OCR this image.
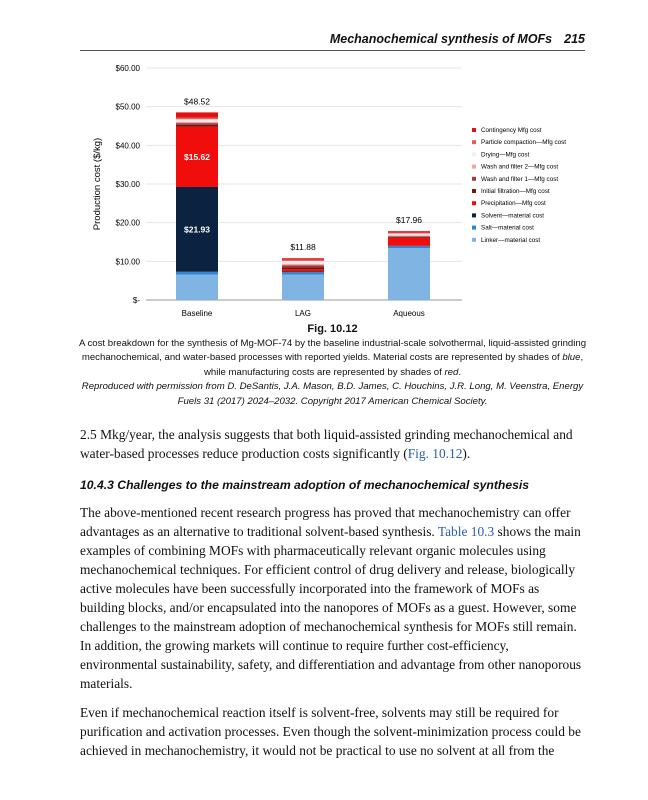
Mechanochemical synthesis of MOFs 215
$-
$10.00
$20.00
$30.00
$40.00
$50.00
$60.00
Production cost ($/kg)
$48.52
Baseline
$21.93
$15.62
$11.88
LAG
$17.96
Aqueous
Contingency Mfg cost
Particle compaction—Mfg cost
Drying—Mfg cost
Wash and filter 2—Mfg cost
Wash and filter 1—Mfg cost
Initial filtration—Mfg cost
Precipitation—Mfg cost
Solvent—material cost
Salt—material cost
Linker—material cost
Fig. 10.12
A cost breakdown for the synthesis of Mg-MOF-74 by the baseline industrial-scale solvothermal, liquid-assisted grinding mechanochemical, and water-based processes with reported yields. Material costs are represented by shades of blue, while manufacturing costs are represented by shades of red.
Reproduced with permission from D. DeSantis, J.A. Mason, B.D. James, C. Houchins, J.R. Long, M. Veenstra, Energy Fuels 31 (2017) 2024–2032. Copyright 2017 American Chemical Society.

2.5 Mkg/year, the analysis suggests that both liquid-assisted grinding mechanochemical and water-based processes reduce production costs significantly (Fig. 10.12).

10.4.3 Challenges to the mainstream adoption of mechanochemical synthesis

The above-mentioned recent research progress has proved that mechanochemistry can offer advantages as an alternative to traditional solvent-based synthesis. Table 10.3 shows the main examples of combining MOFs with pharmaceutically relevant organic molecules using mechanochemical techniques. For efficient control of drug delivery and release, biologically active molecules have been successfully incorporated into the framework of MOFs as building blocks, and/or encapsulated into the nanopores of MOFs as a guest. However, some challenges to the mainstream adoption of mechanochemical synthesis for MOFs still remain. In addition, the growing markets will continue to require further cost-efficiency, environmental sustainability, safety, and differentiation and advantage from other nanoporous materials.

Even if mechanochemical reaction itself is solvent-free, solvents may still be required for purification and activation processes. Even though the solvent-minimization process could be achieved in mechanochemistry, it would not be practical to use no solvent at all from the
